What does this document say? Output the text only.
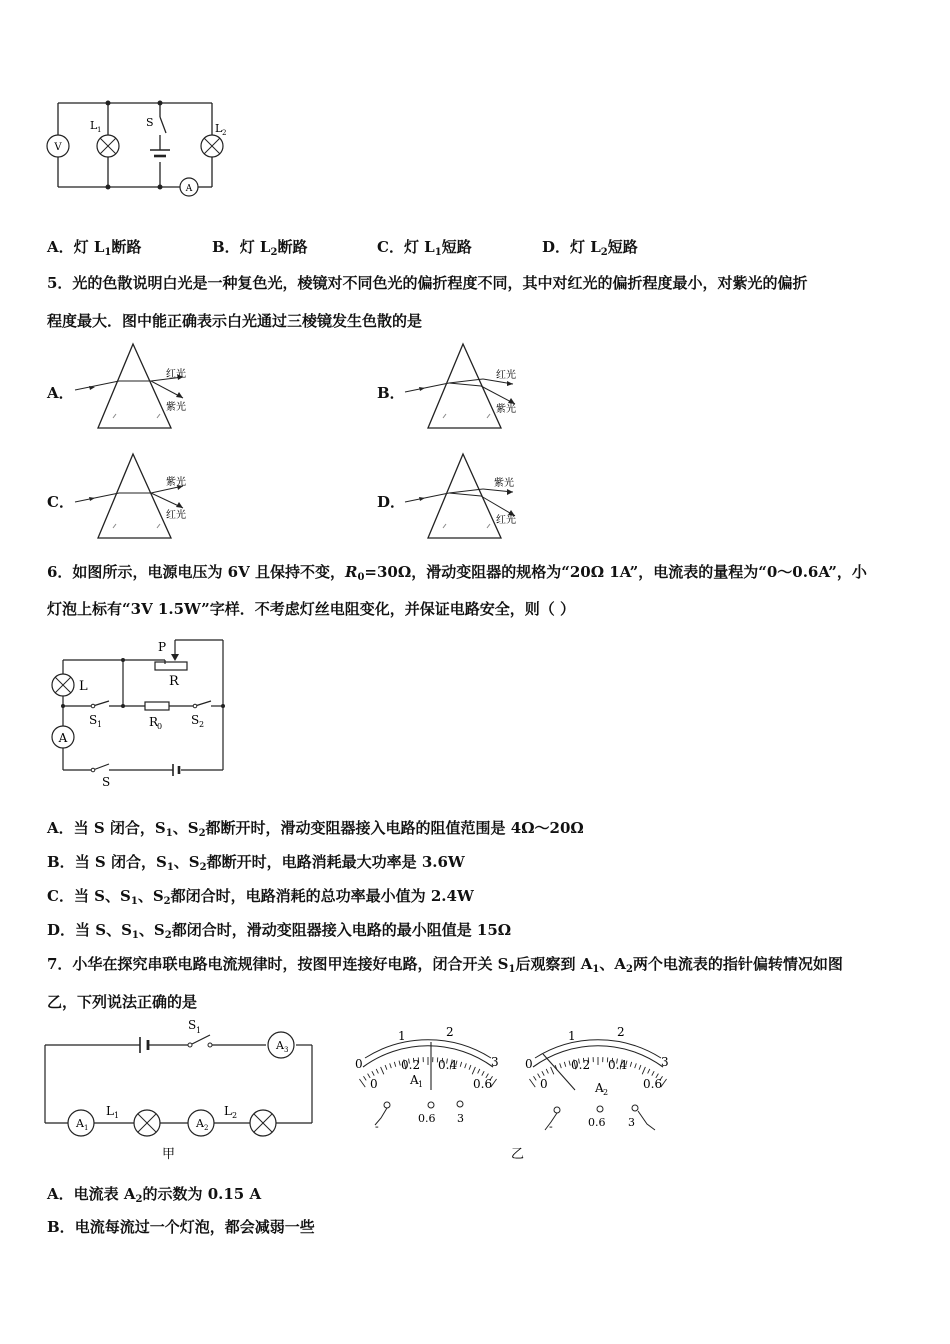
V
L 1	L 2
S
A
A．灯 $L_1$断路	B．灯 $L_2$断路	C．灯 $L_1$短路	D．灯 $L_2$短路
5．光的色散说明白光是一种复色光，棱镜对不同色光的偏折程度不同，其中对红光的偏折程度最小，对紫光的偏折
程度最大．图中能正确表示白光通过三棱镜发生色散的是
A．
红光
紫光
B．
红光
紫光
C．
紫光
红光
D．
紫光
红光
6．如图所示，电源电压为 6V 且保持不变，$R_0=30\Omega$，滑动变阻器的规格为“20Ω 1A”，电流表的量程为“0～0.6A”，小
灯泡上标有“3V 1.5W”字样．不考虑灯丝电阻变化，并保证电路安全，则（ ）
L
A
P
R
S 1	R
0 S 2
S
A．当 S 闭合，$S_1$、$S_2$都断开时，滑动变阻器接入电路的阻值范围是 4Ω～20Ω
B．当 S 闭合，$S_1$、$S_2$都断开时，电路消耗最大功率是 3.6W
C．当 S、$S_1$、$S_2$都闭合时，电路消耗的总功率最小值为 2.4W
D．当 S、$S_1$、$S_2$都闭合时，滑动变阻器接入电路的最小阻值是 15Ω
7．小华在探究串联电路电流规律时，按图甲连接好电路，闭合开关 $S_1$后观察到 $A_1$、$A_2$两个电流表的指针偏转情况如图
乙，下列说法正确的是
S 1
A 3
A 1
L 1
A 2
L 2
甲
0
1	2
3
0
0.2 0.4
0.6
A 1
-
0.6 3
0
1	2
3
0
0.2 0.4
0.6
A 2
-	0.6 3
乙
A．电流表 $A_2$的示数为 0.15 A
B．电流每流过一个灯泡，都会减弱一些
